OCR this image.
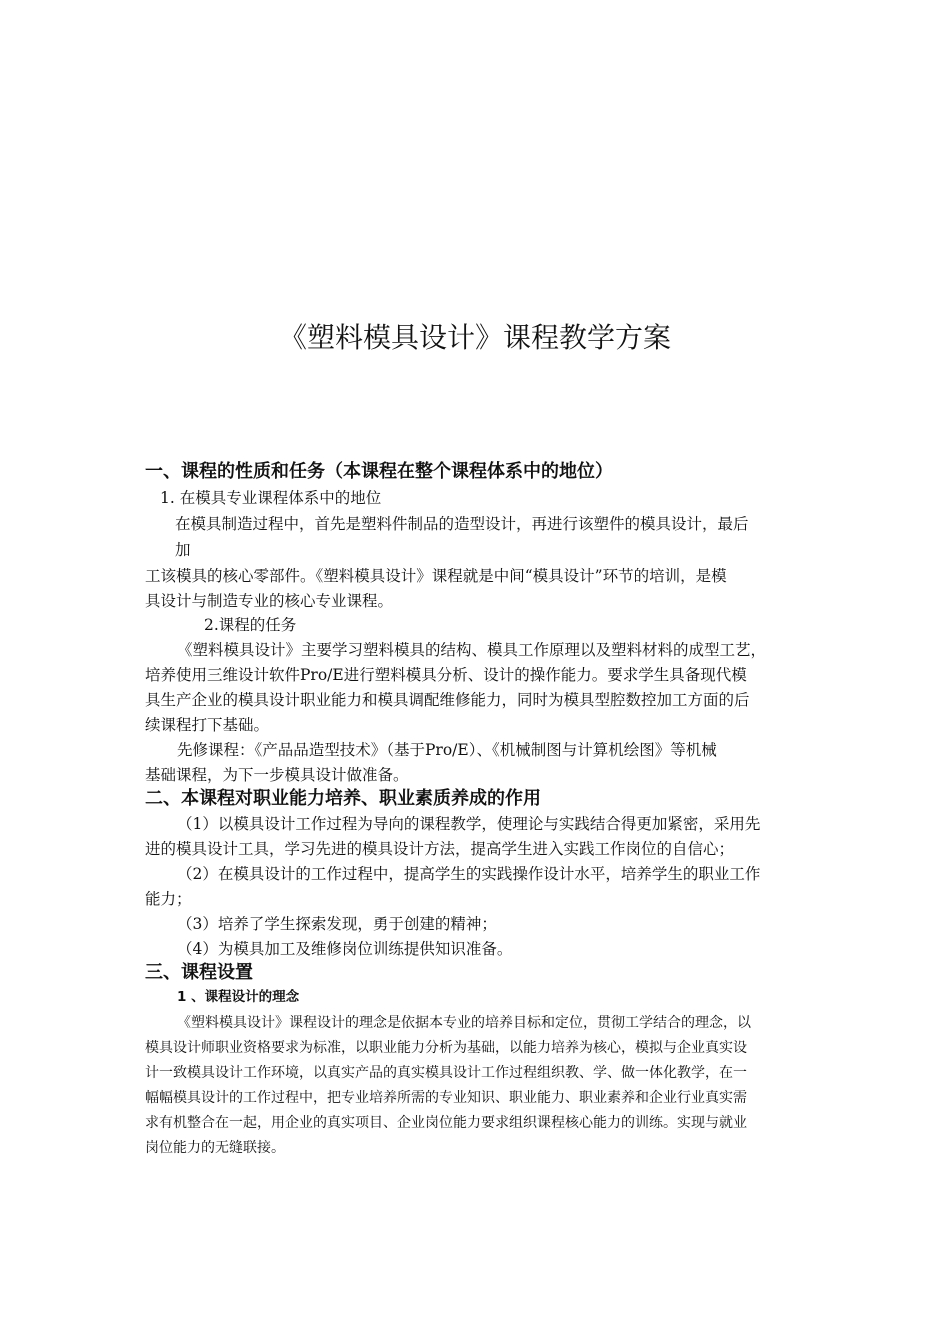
《塑料模具设计》课程教学方案
一、课程的性质和任务（本课程在整个课程体系中的地位）
1. 在模具专业课程体系中的地位
在模具制造过程中，首先是塑料件制品的造型设计，再进行该塑件的模具设计，最后
加
工该模具的核心零部件。《塑料模具设计》课程就是中间“模具设计”环节的培训，是模
具设计与制造专业的核心专业课程。
2.课程的任务
《塑料模具设计》主要学习塑料模具的结构、模具工作原理以及塑料材料的成型工艺，
培养使用三维设计软件Pro/E进行塑料模具分析、设计的操作能力。要求学生具备现代模
具生产企业的模具设计职业能力和模具调配维修能力，同时为模具型腔数控加工方面的后
续课程打下基础。
先修课程：《产品品造型技术》（基于Pro/E）、《机械制图与计算机绘图》等机械
基础课程，为下一步模具设计做准备。
二、本课程对职业能力培养、职业素质养成的作用
（1）以模具设计工作过程为导向的课程教学，使理论与实践结合得更加紧密，采用先
进的模具设计工具，学习先进的模具设计方法，提高学生进入实践工作岗位的自信心；
（2）在模具设计的工作过程中，提高学生的实践操作设计水平，培养学生的职业工作
能力；
（3）培养了学生探索发现，勇于创建的精神；
（4）为模具加工及维修岗位训练提供知识准备。
三、课程设置
1 、课程设计的理念
《塑料模具设计》课程设计的理念是依据本专业的培养目标和定位，贯彻工学结合的理念，以
模具设计师职业资格要求为标准，以职业能力分析为基础，以能力培养为核心，模拟与企业真实设
计一致模具设计工作环境，以真实产品的真实模具设计工作过程组织教、学、做一体化教学，在一
幅幅模具设计的工作过程中，把专业培养所需的专业知识、职业能力、职业素养和企业行业真实需
求有机整合在一起，用企业的真实项目、企业岗位能力要求组织课程核心能力的训练。实现与就业
岗位能力的无缝联接。
